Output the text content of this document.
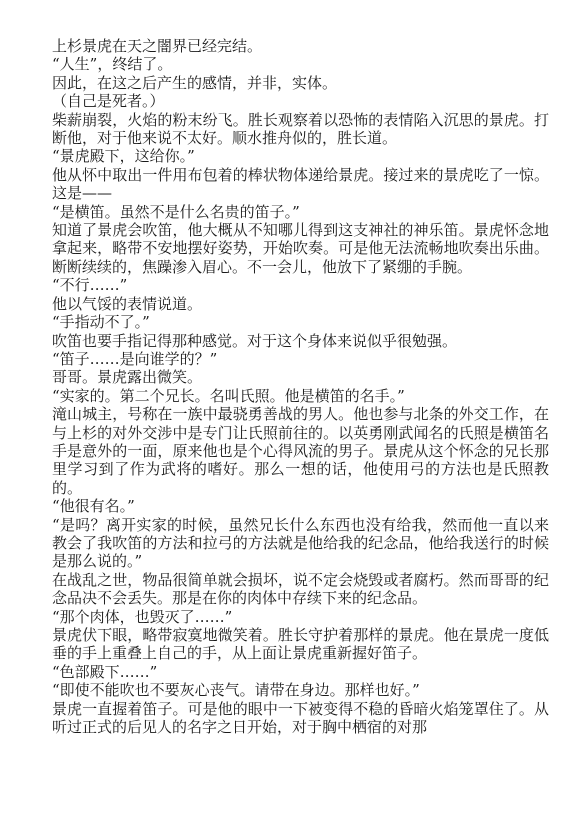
上杉景虎在天之闇界已经完结。

“人生”，终结了。

因此，在这之后产生的感情，并非，实体。

（自己是死者。）

柴薪崩裂，火焰的粉末纷飞。胜长观察着以恐怖的表情陷入沉思的景虎。打断他，对于他来说不太好。顺水推舟似的，胜长道。

“景虎殿下，这给你。”

他从怀中取出一件用布包着的棒状物体递给景虎。接过来的景虎吃了一惊。这是——

“是横笛。虽然不是什么名贵的笛子。”

知道了景虎会吹笛，他大概从不知哪儿得到这支神社的神乐笛。景虎怀念地拿起来，略带不安地摆好姿势，开始吹奏。可是他无法流畅地吹奏出乐曲。断断续续的，焦躁渗入眉心。不一会儿，他放下了紧绷的手腕。

“不行……”

他以气馁的表情说道。

“手指动不了。”

吹笛也要手指记得那种感觉。对于这个身体来说似乎很勉强。

“笛子……是向谁学的？”

哥哥。景虎露出微笑。

“实家的。第二个兄长。名叫氏照。他是横笛的名手。”

滝山城主，号称在一族中最骁勇善战的男人。他也参与北条的外交工作，在与上杉的对外交涉中是专门让氏照前往的。以英勇刚武闻名的氏照是横笛名手是意外的一面，原来他也是个心得风流的男子。景虎从这个怀念的兄长那里学习到了作为武将的嗜好。那么一想的话，他使用弓的方法也是氏照教的。

“他很有名。”

“是吗？离开实家的时候，虽然兄长什么东西也没有给我，然而他一直以来教会了我吹笛的方法和拉弓的方法就是他给我的纪念品，他给我送行的时候是那么说的。”

在战乱之世，物品很简单就会损坏，说不定会烧毁或者腐朽。然而哥哥的纪念品决不会丢失。那是在你的肉体中存续下来的纪念品。

“那个肉体，也毁灭了……”

景虎伏下眼，略带寂寞地微笑着。胜长守护着那样的景虎。他在景虎一度低垂的手上重叠上自己的手，从上面让景虎重新握好笛子。

“色部殿下……”

“即使不能吹也不要灰心丧气。请带在身边。那样也好。”

景虎一直握着笛子。可是他的眼中一下被变得不稳的昏暗火焰笼罩住了。从听过正式的后见人的名字之日开始，对于胸中栖宿的对那
